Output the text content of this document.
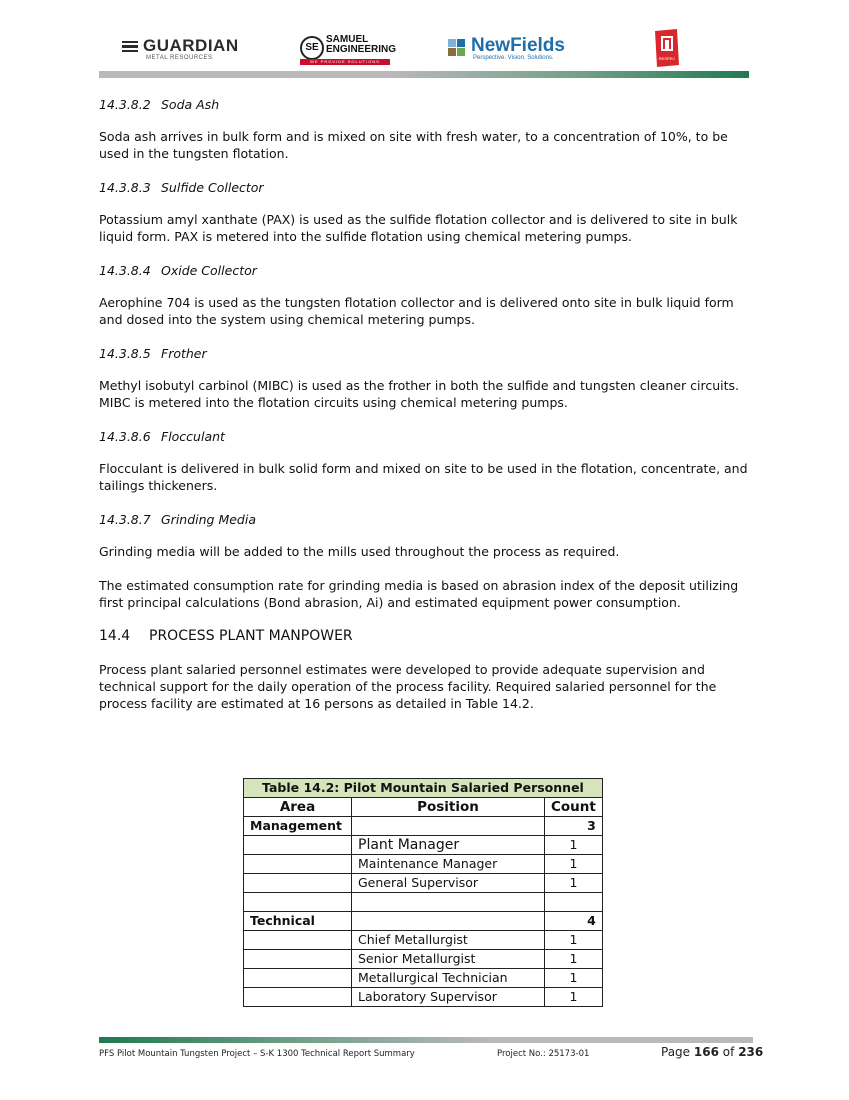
GUARDIAN
METAL RESOURCES
SE
SAMUEL
ENGINEERING
WE PROVIDE SOLUTIONS
NewFields
Perspective. Vision. Solutions.	RESPEC
14.3.8.2 Soda Ash

Soda ash arrives in bulk form and is mixed on site with fresh water, to a concentration of 10%, to be used in the tungsten flotation.

14.3.8.3 Sulfide Collector

Potassium amyl xanthate (PAX) is used as the sulfide flotation collector and is delivered to site in bulk liquid form. PAX is metered into the sulfide flotation using chemical metering pumps.

14.3.8.4 Oxide Collector

Aerophine 704 is used as the tungsten flotation collector and is delivered onto site in bulk liquid form and dosed into the system using chemical metering pumps.

14.3.8.5 Frother

Methyl isobutyl carbinol (MIBC) is used as the frother in both the sulfide and tungsten cleaner circuits. MIBC is metered into the flotation circuits using chemical metering pumps.

14.3.8.6 Flocculant

Flocculant is delivered in bulk solid form and mixed on site to be used in the flotation, concentrate, and tailings thickeners.

14.3.8.7 Grinding Media

Grinding media will be added to the mills used throughout the process as required.

The estimated consumption rate for grinding media is based on abrasion index of the deposit utilizing first principal calculations (Bond abrasion, Ai) and estimated equipment power consumption.

14.4 PROCESS PLANT MANPOWER

Process plant salaried personnel estimates were developed to provide adequate supervision and technical support for the daily operation of the process facility. Required salaried personnel for the process facility are estimated at 16 persons as detailed in Table 14.2.

Table 14.2: Pilot Mountain Salaried Personnel		
Area	Position	Count
Management		3
	Plant Manager	1
	Maintenance Manager	1
	General Supervisor	1

Technical		4
	Chief Metallurgist	1
	Senior Metallurgist	1
	Metallurgical Technician	1
	Laboratory Supervisor	1
PFS Pilot Mountain Tungsten Project – S-K 1300 Technical Report Summary	Project No.: 25173-01	Page 166 of 236
